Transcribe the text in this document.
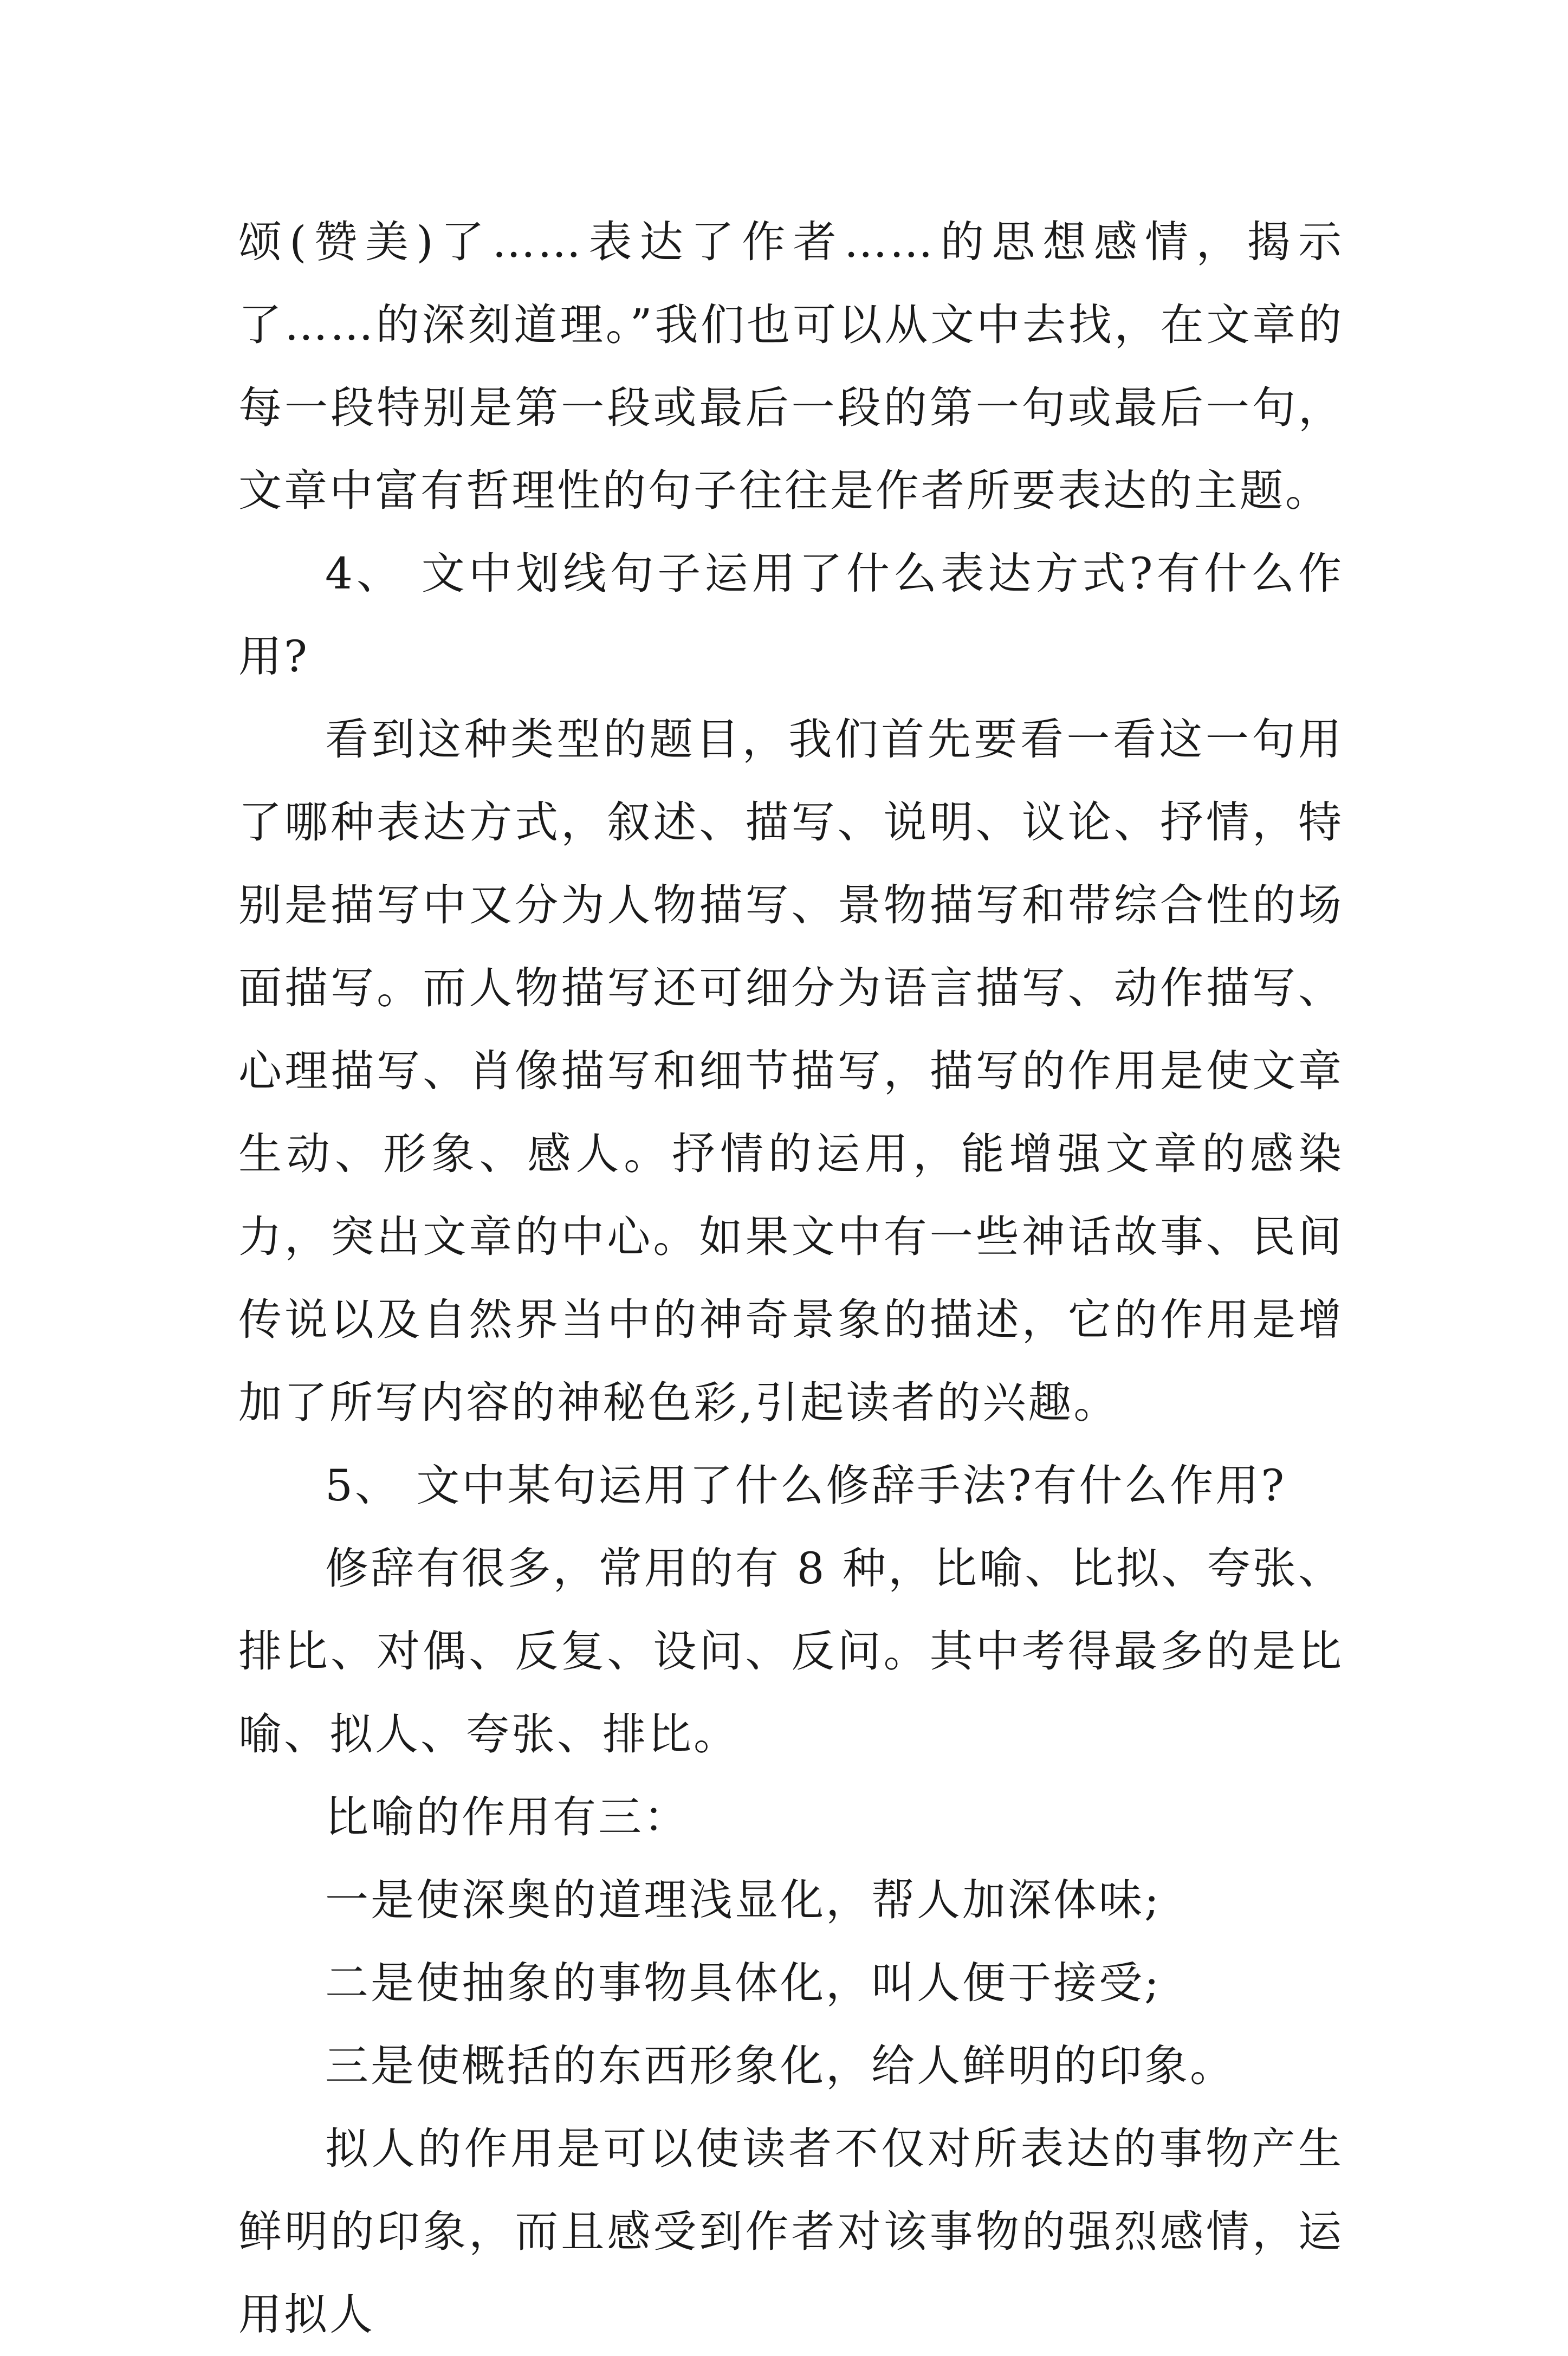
颂(赞美)了……表达了作者……的思想感情，揭示了……的深刻道理。”我们也可以从文中去找，在文章的每一段特别是第一段或最后一段的第一句或最后一句，文章中富有哲理性的句子往往是作者所要表达的主题。

4、 文中划线句子运用了什么表达方式?有什么作用?

看到这种类型的题目，我们首先要看一看这一句用了哪种表达方式，叙述、描写、说明、议论、抒情，特别是描写中又分为人物描写、景物描写和带综合性的场面描写。而人物描写还可细分为语言描写、动作描写、心理描写、肖像描写和细节描写，描写的作用是使文章生动、形象、感人。抒情的运用，能增强文章的感染力，突出文章的中心。如果文中有一些神话故事、民间传说以及自然界当中的神奇景象的描述，它的作用是增加了所写内容的神秘色彩,引起读者的兴趣。

5、 文中某句运用了什么修辞手法?有什么作用?

修辞有很多，常用的有 8 种，比喻、比拟、夸张、排比、对偶、反复、设问、反问。其中考得最多的是比喻、拟人、夸张、排比。

比喻的作用有三：

一是使深奥的道理浅显化，帮人加深体味;

二是使抽象的事物具体化，叫人便于接受;

三是使概括的东西形象化，给人鲜明的印象。

拟人的作用是可以使读者不仅对所表达的事物产生鲜明的印象，而且感受到作者对该事物的强烈感情，运用拟人
